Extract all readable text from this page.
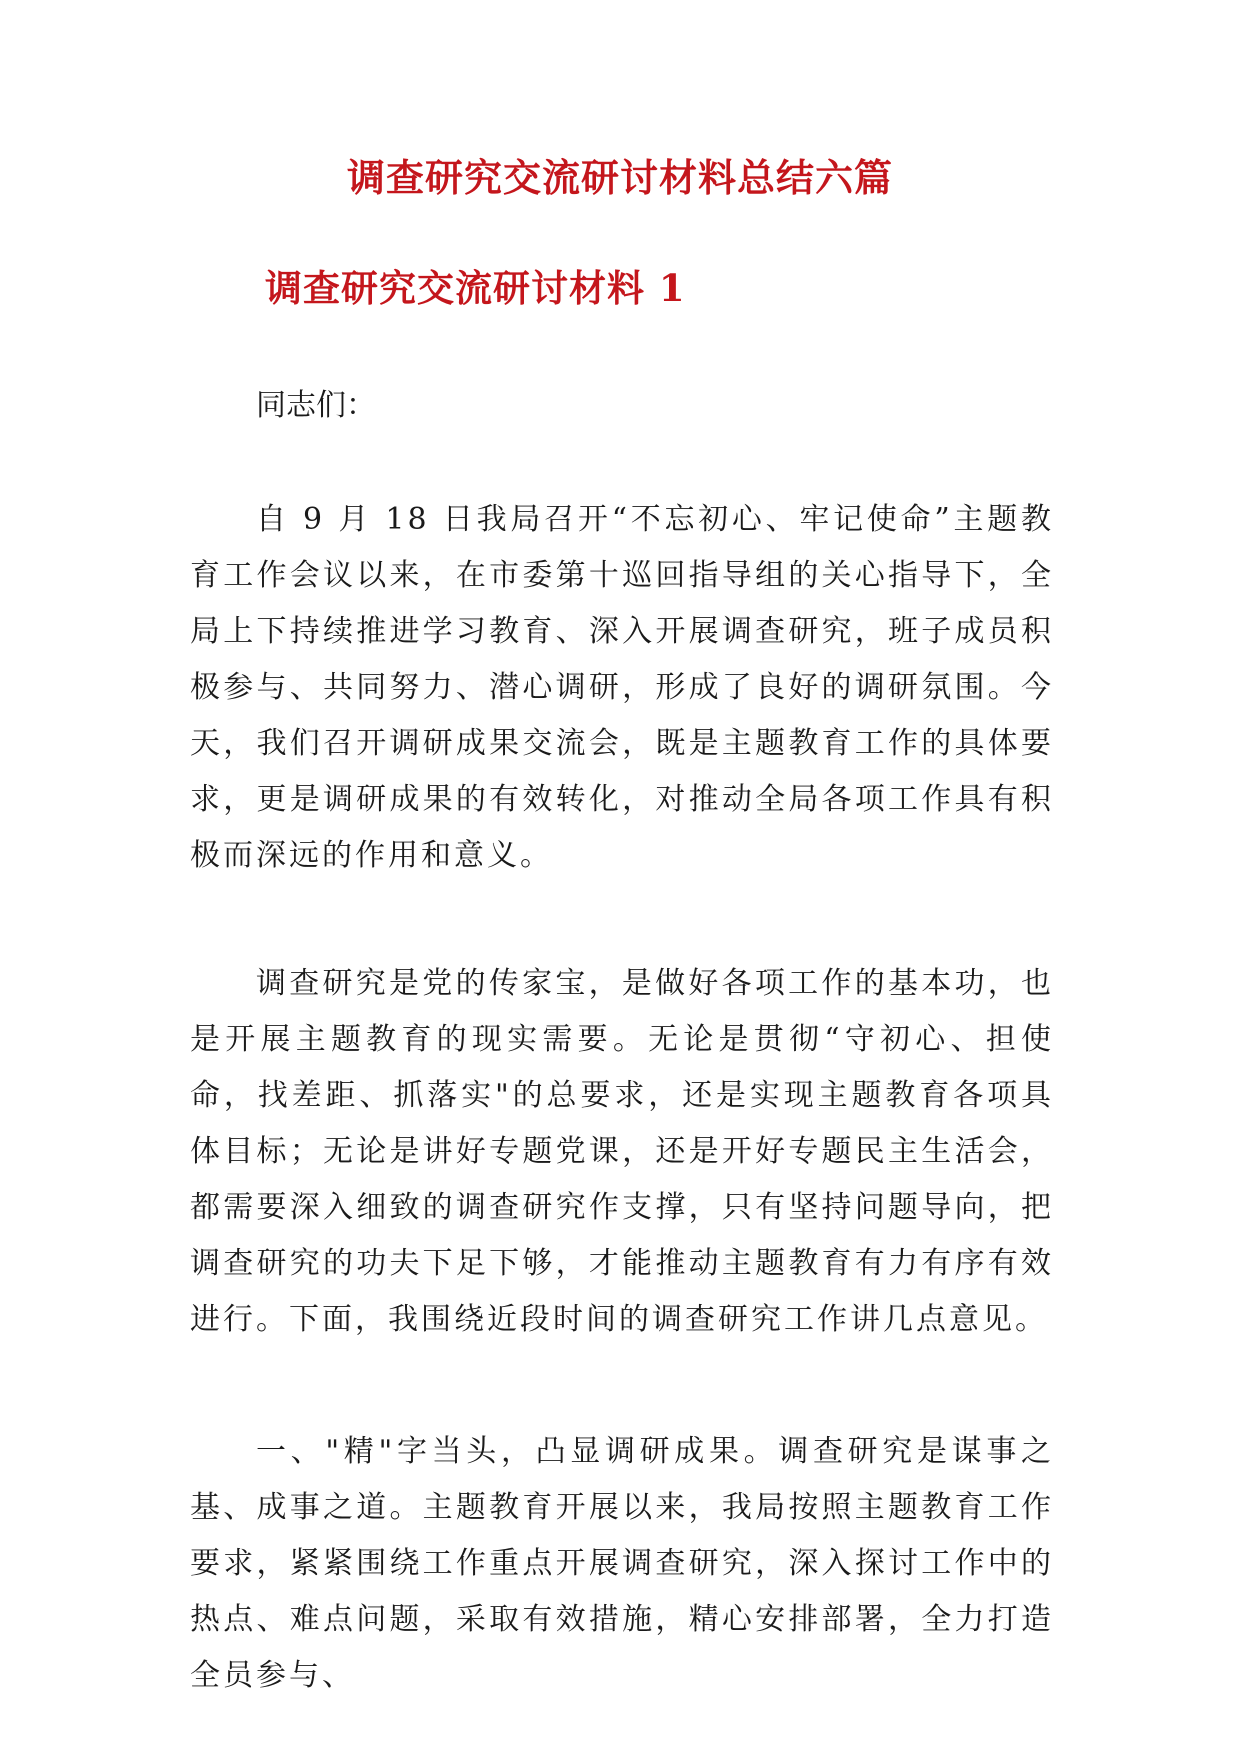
调查研究交流研讨材料总结六篇
调查研究交流研讨材料 1
同志们：

自 9 月 18 日我局召开“不忘初心、牢记使命”主题教育工作会议以来，在市委第十巡回指导组的关心指导下，全局上下持续推进学习教育、深入开展调查研究，班子成员积极参与、共同努力、潜心调研，形成了良好的调研氛围。今天，我们召开调研成果交流会，既是主题教育工作的具体要求，更是调研成果的有效转化，对推动全局各项工作具有积极而深远的作用和意义。

调查研究是党的传家宝，是做好各项工作的基本功，也是开展主题教育的现实需要。无论是贯彻“守初心、担使命，找差距、抓落实"的总要求，还是实现主题教育各项具体目标；无论是讲好专题党课，还是开好专题民主生活会，都需要深入细致的调查研究作支撑，只有坚持问题导向，把调查研究的功夫下足下够，才能推动主题教育有力有序有效进行。下面，我围绕近段时间的调查研究工作讲几点意见。

一、"精"字当头，凸显调研成果。调查研究是谋事之基、成事之道。主题教育开展以来，我局按照主题教育工作要求，紧紧围绕工作重点开展调查研究，深入探讨工作中的热点、难点问题，采取有效措施，精心安排部署，全力打造全员参与、
